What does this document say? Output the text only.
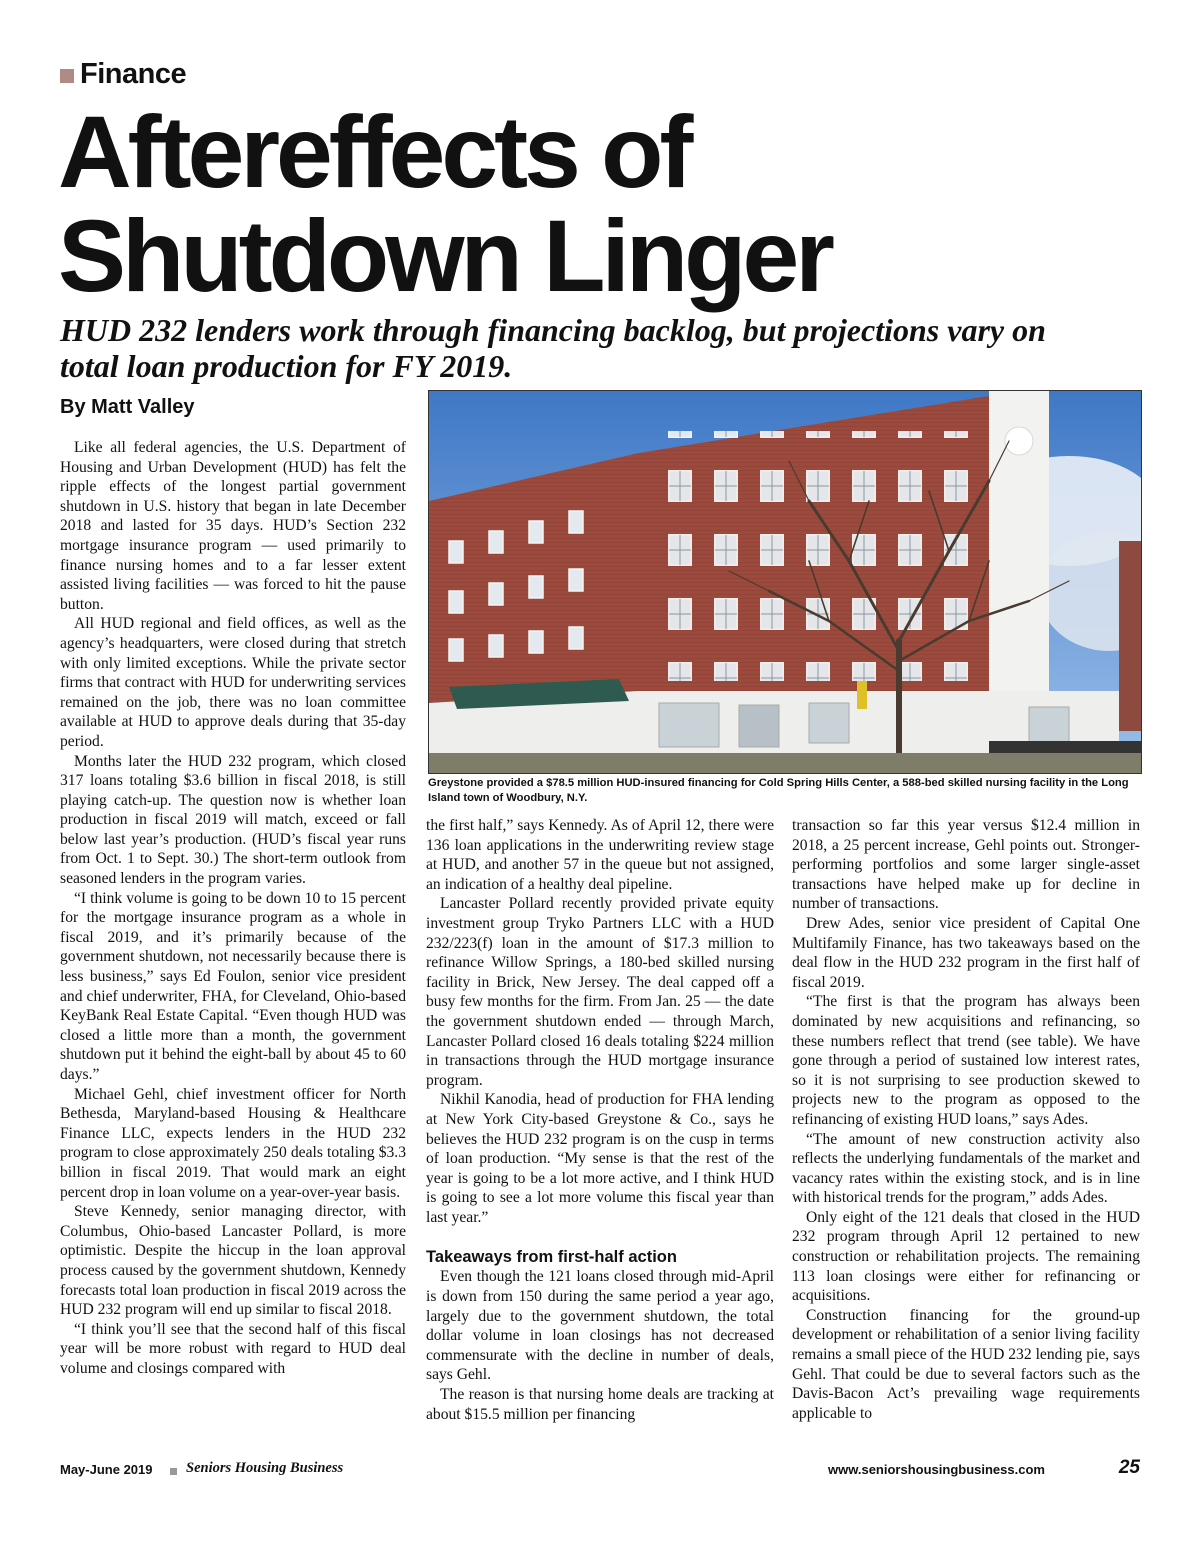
Finance
Aftereffects of
Shutdown Linger
HUD 232 lenders work through financing backlog, but projections vary on
total loan production for FY 2019.
By Matt Valley

Like all federal agencies, the U.S. Department of Housing and Urban Development (HUD) has felt the ripple effects of the longest partial government shutdown in U.S. history that began in late December 2018 and lasted for 35 days. HUD’s Section 232 mortgage insurance program — used primarily to finance nursing homes and to a far lesser extent assisted living facilities — was forced to hit the pause button.

All HUD regional and field offices, as well as the agency’s headquarters, were closed during that stretch with only limited exceptions. While the private sector firms that contract with HUD for underwriting services remained on the job, there was no loan committee available at HUD to approve deals during that 35-day period.

Months later the HUD 232 program, which closed 317 loans totaling $3.6 billion in fiscal 2018, is still playing catch-up. The question now is whether loan production in fiscal 2019 will match, exceed or fall below last year’s production. (HUD’s fiscal year runs from Oct. 1 to Sept. 30.) The short-term outlook from seasoned lenders in the program varies.

“I think volume is going to be down 10 to 15 percent for the mortgage insurance program as a whole in fiscal 2019, and it’s primarily because of the government shutdown, not necessarily because there is less business,” says Ed Foulon, senior vice president and chief underwriter, FHA, for Cleveland, Ohio-based KeyBank Real Estate Capital. “Even though HUD was closed a little more than a month, the government shutdown put it behind the eight-ball by about 45 to 60 days.”

Michael Gehl, chief investment officer for North Bethesda, Maryland-based Housing & Healthcare Finance LLC, expects lenders in the HUD 232 program to close approximately 250 deals totaling $3.3 billion in fiscal 2019. That would mark an eight percent drop in loan volume on a year-over-year basis.

Steve Kennedy, senior managing director, with Columbus, Ohio-based Lancaster Pollard, is more optimistic. Despite the hiccup in the loan approval process caused by the government shutdown, Kennedy forecasts total loan production in fiscal 2019 across the HUD 232 program will end up similar to fiscal 2018.

“I think you’ll see that the second half of this fiscal year will be more robust with regard to HUD deal volume and closings compared with

Greystone provided a $78.5 million HUD-insured financing for Cold Spring Hills Center, a 588-bed skilled nursing facility in the Long Island town of Woodbury, N.Y.

the first half,” says Kennedy. As of April 12, there were 136 loan applications in the underwriting review stage at HUD, and another 57 in the queue but not assigned, an indication of a healthy deal pipeline.

Lancaster Pollard recently provided private equity investment group Tryko Partners LLC with a HUD 232/223(f) loan in the amount of $17.3 million to refinance Willow Springs, a 180-bed skilled nursing facility in Brick, New Jersey. The deal capped off a busy few months for the firm. From Jan. 25 — the date the government shutdown ended — through March, Lancaster Pollard closed 16 deals totaling $224 million in transactions through the HUD mortgage insurance program.

Nikhil Kanodia, head of production for FHA lending at New York City-based Greystone & Co., says he believes the HUD 232 program is on the cusp in terms of loan production. “My sense is that the rest of the year is going to be a lot more active, and I think HUD is going to see a lot more volume this fiscal year than last year.”

Takeaways from first-half action

Even though the 121 loans closed through mid-April is down from 150 during the same period a year ago, largely due to the government shutdown, the total dollar volume in loan closings has not decreased commensurate with the decline in number of deals, says Gehl.

The reason is that nursing home deals are tracking at about $15.5 million per financing

transaction so far this year versus $12.4 million in 2018, a 25 percent increase, Gehl points out. Stronger-performing portfolios and some larger single-asset transactions have helped make up for decline in number of transactions.

Drew Ades, senior vice president of Capital One Multifamily Finance, has two takeaways based on the deal flow in the HUD 232 program in the first half of fiscal 2019.

“The first is that the program has always been dominated by new acquisitions and refinancing, so these numbers reflect that trend (see table). We have gone through a period of sustained low interest rates, so it is not surprising to see production skewed to projects new to the program as opposed to the refinancing of existing HUD loans,” says Ades.

“The amount of new construction activity also reflects the underlying fundamentals of the market and vacancy rates within the existing stock, and is in line with historical trends for the program,” adds Ades.

Only eight of the 121 deals that closed in the HUD 232 program through April 12 pertained to new construction or rehabilitation projects. The remaining 113 loan closings were either for refinancing or acquisitions.

Construction financing for the ground-up development or rehabilitation of a senior living facility remains a small piece of the HUD 232 lending pie, says Gehl. That could be due to several factors such as the Davis-Bacon Act’s prevailing wage requirements applicable to

May-June 2019 Seniors Housing Business	www.seniorshousingbusiness.com	25
